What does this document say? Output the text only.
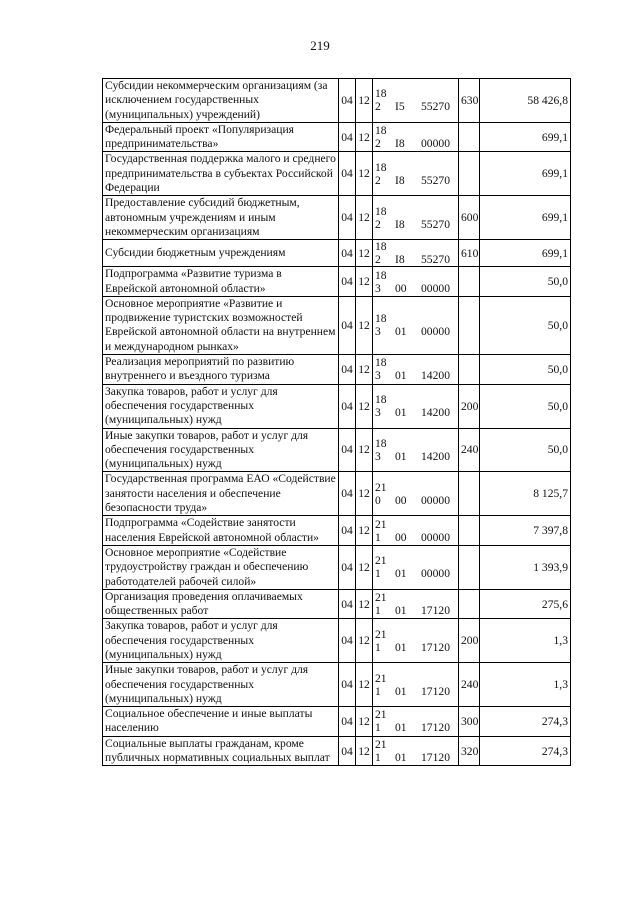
219
Субсидии некоммерческим организациям (за исключением государственных (муниципальных) учреждений)	04	12	18 2 I5 55270	630	58 426,8
Федеральный проект «Популяризация предпринимательства»	04	12	18 2 I8 00000		699,1
Государственная поддержка малого и среднего предпринимательства в субъектах Российской Федерации	04	12	18 2 I8 55270		699,1
Предоставление субсидий бюджетным, автономным учреждениям и иным некоммерческим организациям	04	12	18 2 I8 55270	600	699,1
Субсидии бюджетным учреждениям	04	12	18 2 I8 55270	610	699,1
Подпрограмма «Развитие туризма в Еврейской автономной области»	04	12	18 3 00 00000		50,0
Основное мероприятие «Развитие и продвижение туристских возможностей Еврейской автономной области на внутреннем и международном рынках»	04	12	18 3 01 00000		50,0
Реализация мероприятий по развитию внутреннего и въездного туризма	04	12	18 3 01 14200		50,0
Закупка товаров, работ и услуг для обеспечения государственных (муниципальных) нужд	04	12	18 3 01 14200	200	50,0
Иные закупки товаров, работ и услуг для обеспечения государственных (муниципальных) нужд	04	12	18 3 01 14200	240	50,0
Государственная программа ЕАО «Содействие занятости населения и обеспечение безопасности труда»	04	12	21 0 00 00000		8 125,7
Подпрограмма «Содействие занятости населения Еврейской автономной области»	04	12	21 1 00 00000		7 397,8
Основное мероприятие «Содействие трудоустройству граждан и обеспечению работодателей рабочей силой»	04	12	21 1 01 00000		1 393,9
Организация проведения оплачиваемых общественных работ	04	12	21 1 01 17120		275,6
Закупка товаров, работ и услуг для обеспечения государственных (муниципальных) нужд	04	12	21 1 01 17120	200	1,3
Иные закупки товаров, работ и услуг для обеспечения государственных (муниципальных) нужд	04	12	21 1 01 17120	240	1,3
Социальное обеспечение и иные выплаты населению	04	12	21 1 01 17120	300	274,3
Социальные выплаты гражданам, кроме публичных нормативных социальных выплат	04	12	21 1 01 17120	320	274,3
